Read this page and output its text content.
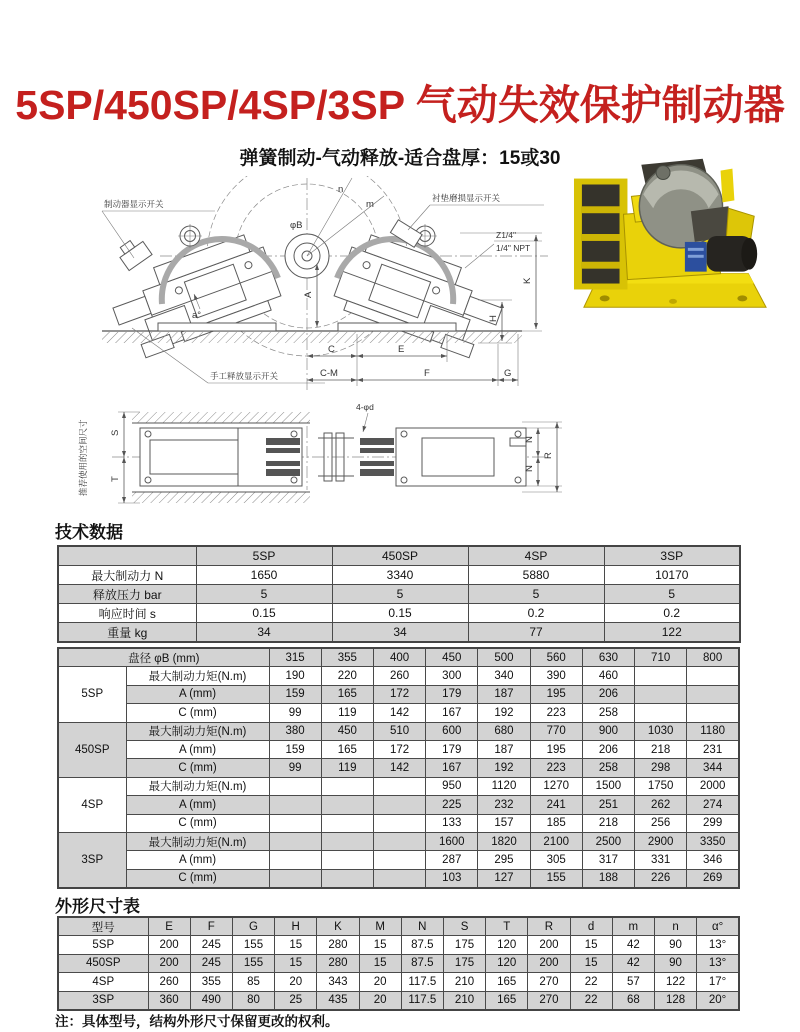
5SP/450SP/4SP/3SP 气动失效保护制动器
弹簧制动-气动释放-适合盘厚：15或30
n
m
φB
制动器显示开关
衬垫磨损显示开关
手工释放显示开关
Z1/4"
1/4" NPT
A
K
H
a°
C	E
C-M	F	G
推荐使用的空间尺寸
4-φd
S
T
N
N
R
技术数据
	5SP	450SP	4SP	3SP
最大制动力 N	1650	3340	5880	10170
释放压力 bar	5	5	5	5
响应时间 s	0.15	0.15	0.2	0.2
重量 kg	34	34	77	122
盘径 φB (mm)		315	355	400	450	500	560	630	710	800
5SP	最大制动力矩(N.m)	190	220	260	300	340	390	460		
	A (mm)	159	165	172	179	187	195	206		
	C (mm)	99	119	142	167	192	223	258		
450SP	最大制动力矩(N.m)	380	450	510	600	680	770	900	1030	1180
	A (mm)	159	165	172	179	187	195	206	218	231
	C (mm)	99	119	142	167	192	223	258	298	344
4SP	最大制动力矩(N.m)				950	1120	1270	1500	1750	2000
	A (mm)				225	232	241	251	262	274
	C (mm)				133	157	185	218	256	299
3SP	最大制动力矩(N.m)				1600	1820	2100	2500	2900	3350
	A (mm)				287	295	305	317	331	346
	C (mm)				103	127	155	188	226	269
外形尺寸表
型号	E	F	G	H	K	M	N	S	T	R	d	m	n	α°
5SP	200	245	155	15	280	15	87.5	175	120	200	15	42	90	13°
450SP	200	245	155	15	280	15	87.5	175	120	200	15	42	90	13°
4SP	260	355	85	20	343	20	117.5	210	165	270	22	57	122	17°
3SP	360	490	80	25	435	20	117.5	210	165	270	22	68	128	20°
注：具体型号，结构外形尺寸保留更改的权利。
